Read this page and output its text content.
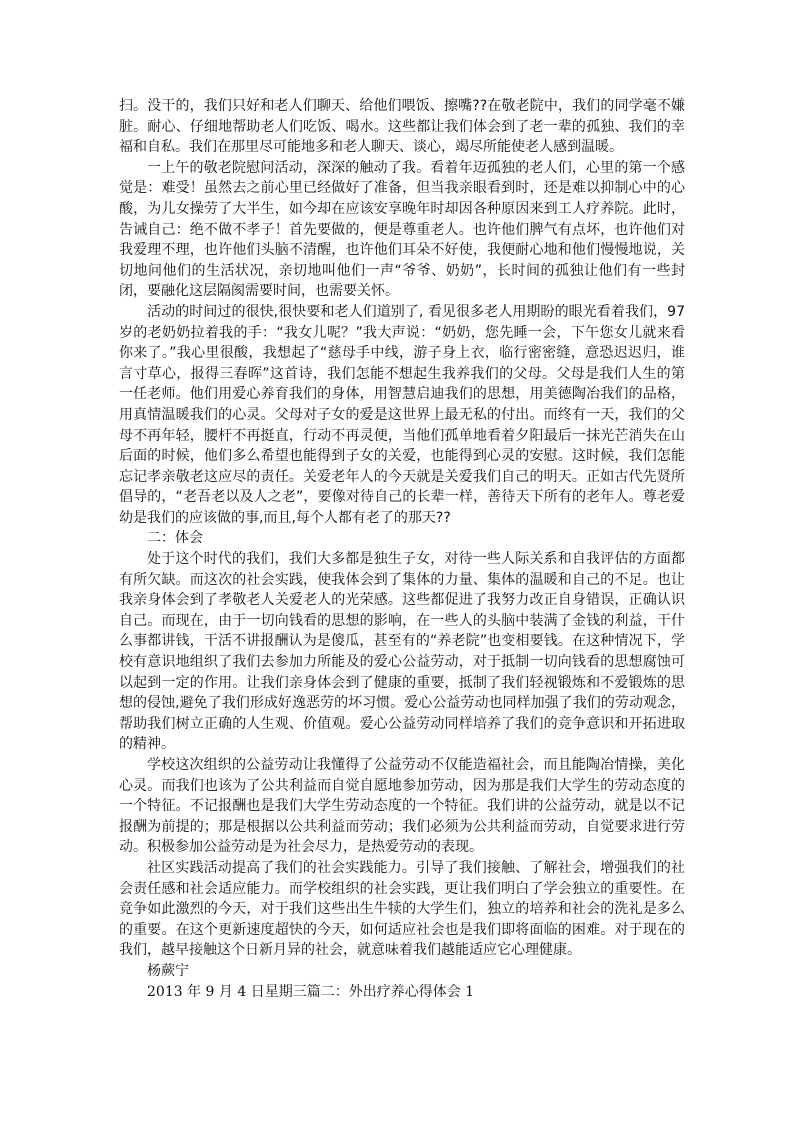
扫。没干的，我们只好和老人们聊天、给他们喂饭、擦嘴??在敬老院中，我们的同学毫不嫌脏。耐心、仔细地帮助老人们吃饭、喝水。这些都让我们体会到了老一辈的孤独、我们的幸福和自私。我们在那里尽可能地多和老人聊天、谈心，竭尽所能使老人感到温暖。

一上午的敬老院慰问活动，深深的触动了我。看着年迈孤独的老人们，心里的第一个感觉是：难受！虽然去之前心里已经做好了准备，但当我亲眼看到时，还是难以抑制心中的心酸，为儿女操劳了大半生，如今却在应该安享晚年时却因各种原因来到工人疗养院。此时，告诫自己：绝不做不孝子！首先要做的，便是尊重老人。也许他们脾气有点坏，也许他们对我爱理不理，也许他们头脑不清醒，也许他们耳朵不好使，我便耐心地和他们慢慢地说，关切地问他们的生活状况，亲切地叫他们一声“爷爷、奶奶”，长时间的孤独让他们有一些封闭，要融化这层隔阂需要时间，也需要关怀。

活动的时间过的很快,很快要和老人们道别了, 看见很多老人用期盼的眼光看着我们，97岁的老奶奶拉着我的手：“我女儿呢？”我大声说：“奶奶，您先睡一会，下午您女儿就来看你来了。”我心里很酸，我想起了“慈母手中线，游子身上衣，临行密密缝，意恐迟迟归，谁言寸草心，报得三春晖”这首诗，我们怎能不想起生我养我们的父母。父母是我们人生的第一任老师。他们用爱心养育我们的身体，用智慧启迪我们的思想，用美德陶冶我们的品格，用真情温暖我们的心灵。父母对子女的爱是这世界上最无私的付出。而终有一天，我们的父母不再年轻，腰杆不再挺直，行动不再灵便，当他们孤单地看着夕阳最后一抹光芒消失在山后面的时候，他们多么希望也能得到子女的关爱，也能得到心灵的安慰。这时候，我们怎能忘记孝亲敬老这应尽的责任。关爱老年人的今天就是关爱我们自己的明天。正如古代先贤所倡导的，“老吾老以及人之老”，要像对待自己的长辈一样，善待天下所有的老年人。尊老爱幼是我们的应该做的事,而且,每个人都有老了的那天??

二：体会

处于这个时代的我们，我们大多都是独生子女，对待一些人际关系和自我评估的方面都有所欠缺。而这次的社会实践，使我体会到了集体的力量、集体的温暖和自己的不足。也让我亲身体会到了孝敬老人关爱老人的光荣感。这些都促进了我努力改正自身错误，正确认识自己。而现在，由于一切向钱看的思想的影响，在一些人的头脑中装满了金钱的利益，干什么事都讲钱，干活不讲报酬认为是傻瓜，甚至有的“养老院”也变相要钱。在这种情况下，学校有意识地组织了我们去参加力所能及的爱心公益劳动，对于抵制一切向钱看的思想腐蚀可以起到一定的作用。让我们亲身体会到了健康的重要，抵制了我们轻视锻炼和不爱锻炼的思想的侵蚀,避免了我们形成好逸恶劳的坏习惯。爱心公益劳动也同样加强了我们的劳动观念，帮助我们树立正确的人生观、价值观。爱心公益劳动同样培养了我们的竞争意识和开拓进取的精神。

学校这次组织的公益劳动让我懂得了公益劳动不仅能造福社会，而且能陶冶情操，美化心灵。而我们也该为了公共利益而自觉自愿地参加劳动，因为那是我们大学生的劳动态度的一个特征。不记报酬也是我们大学生劳动态度的一个特征。我们讲的公益劳动，就是以不记报酬为前提的；那是根据以公共利益而劳动；我们必须为公共利益而劳动，自觉要求进行劳动。积极参加公益劳动是为社会尽力，是热爱劳动的表现。

社区实践活动提高了我们的社会实践能力。引导了我们接触、了解社会，增强我们的社会责任感和社会适应能力。而学校组织的社会实践，更让我们明白了学会独立的重要性。在竞争如此激烈的今天，对于我们这些出生牛犊的大学生们，独立的培养和社会的洗礼是多么的重要。在这个更新速度超快的今天，如何适应社会也是我们即将面临的困难。对于现在的我们，越早接触这个日新月异的社会，就意味着我们越能适应它心理健康。

杨蕨宁

2013 年 9 月 4 日星期三篇二：外出疗养心得体会 1
